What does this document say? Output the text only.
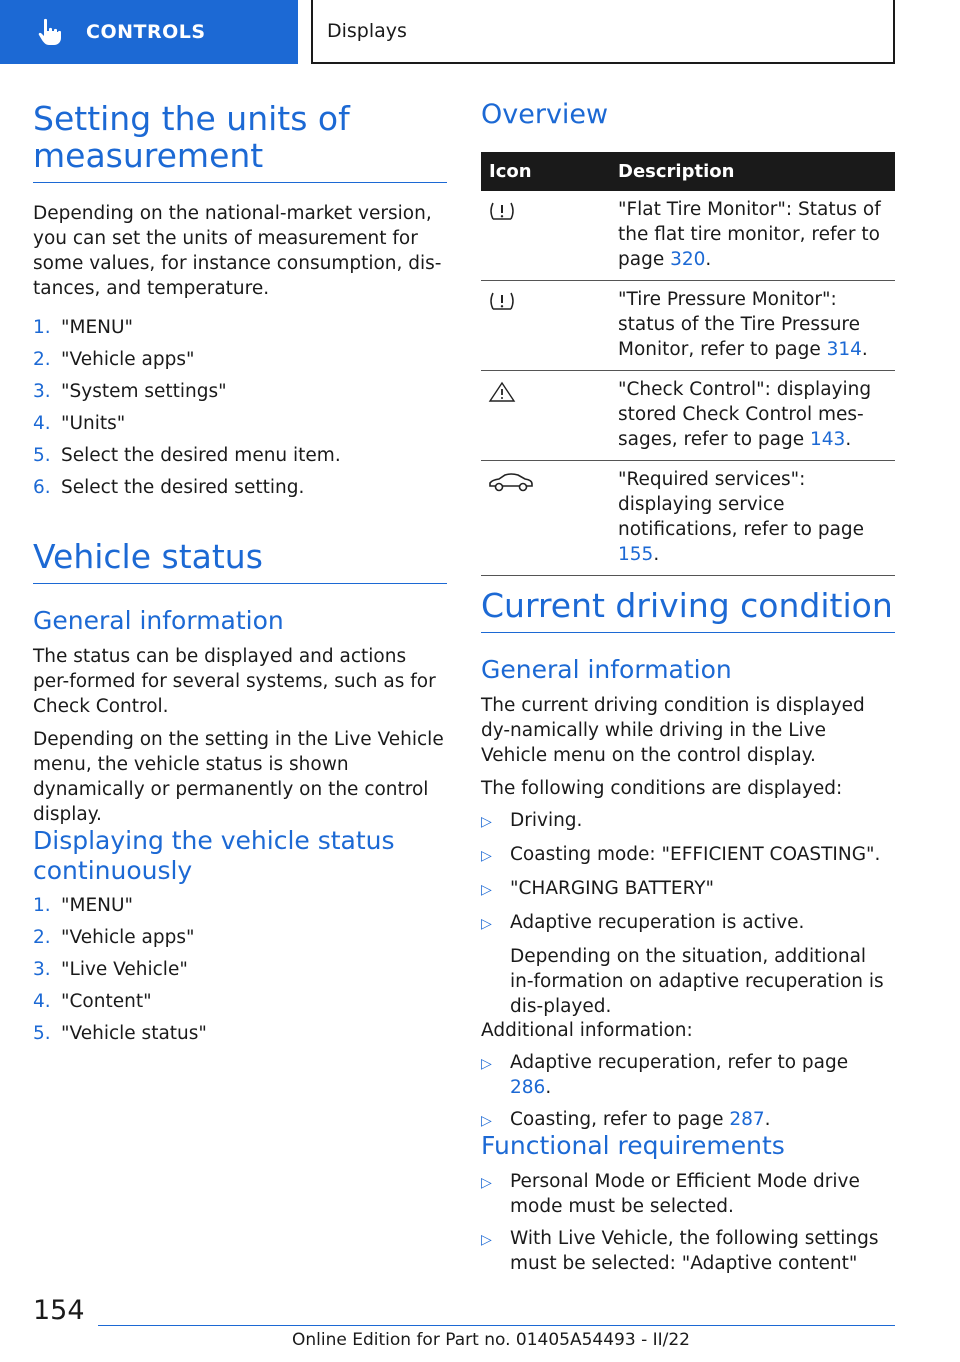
CONTROLS	Displays
Setting the units of measurement

Depending on the national-market version, you can set the units of measurement for some values, for instance consumption, dis-tances, and temperature.

1. "MENU"
2. "Vehicle apps"
3. "System settings"
4. "Units"
5. Select the desired menu item.
6. Select the desired setting.
Vehicle status
General information

The status can be displayed and actions per-formed for several systems, such as for Check Control.

Depending on the setting in the Live Vehicle menu, the vehicle status is shown dynamically or permanently on the control display.

Displaying the vehicle status continuously
1. "MENU"
2. "Vehicle apps"
3. "Live Vehicle"
4. "Content"
5. "Vehicle status"
Overview
Icon	Description
	"Flat Tire Monitor": Status of the flat tire monitor, refer to page 320.
	"Tire Pressure Monitor": status of the Tire Pressure Monitor, refer to page 314.
	"Check Control": displaying stored Check Control mes-sages, refer to page 143.
	"Required services": displaying service notifications, refer to page 155.
Current driving condition
General information

The current driving condition is displayed dy-namically while driving in the Live Vehicle menu on the control display.

The following conditions are displayed:

▷ Driving.
▷ Coasting mode: "EFFICIENT COASTING".
▷ "CHARGING BATTERY"
▷ Adaptive recuperation is active.
Depending on the situation, additional in-formation on adaptive recuperation is dis-played.

Additional information:

▷ Adaptive recuperation, refer to page 286.
▷ Coasting, refer to page 287.
Functional requirements
▷ Personal Mode or Efficient Mode drive mode must be selected.
▷ With Live Vehicle, the following settings must be selected: "Adaptive content"
154
Online Edition for Part no. 01405A54493 - II/22
